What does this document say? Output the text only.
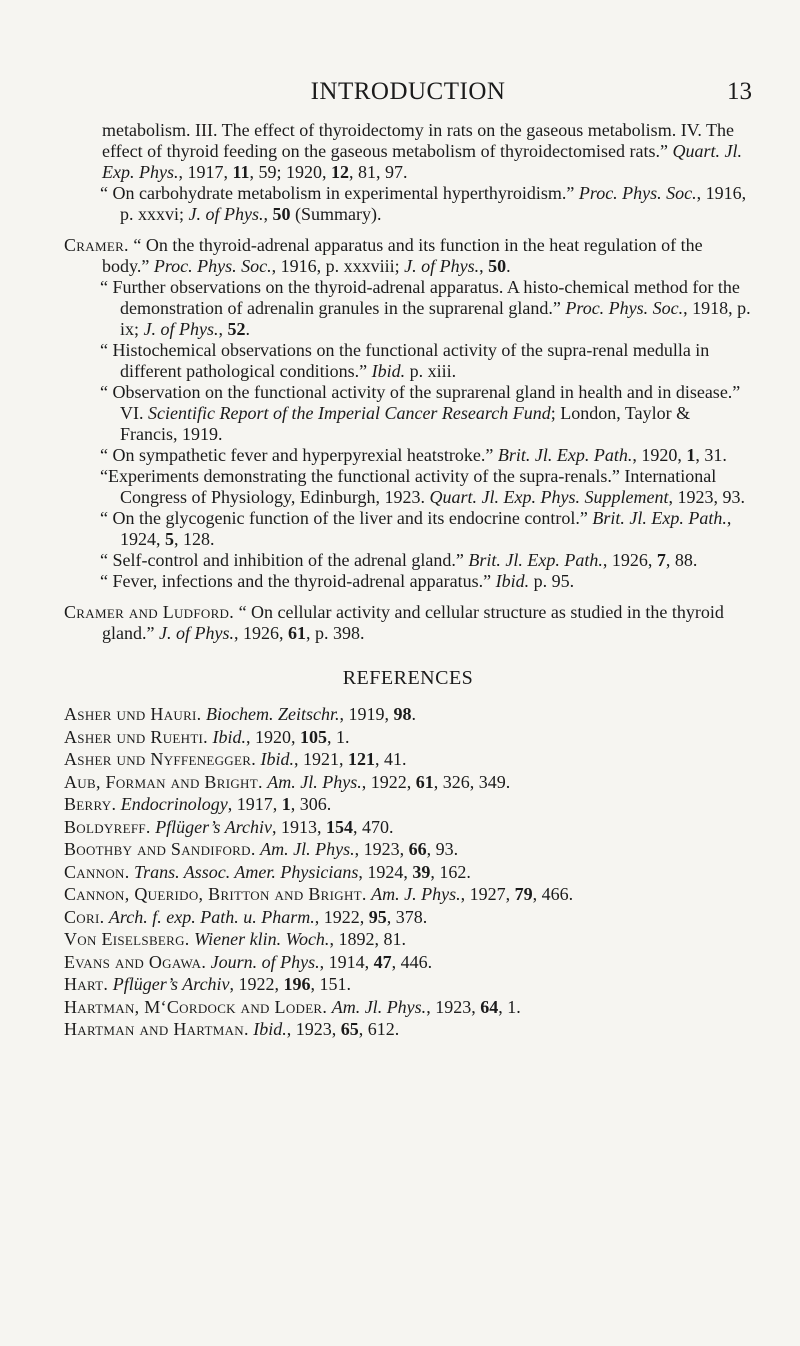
INTRODUCTION	13

metabolism. III. The effect of thyroidectomy in rats on the gaseous metabolism. IV. The effect of thyroid feeding on the gaseous metabolism of thyroidectomised rats.” Quart. Jl. Exp. Phys., 1917, 11, 59; 1920, 12, 81, 97.

“ On carbohydrate metabolism in experimental hyperthyroidism.” Proc. Phys. Soc., 1916, p. xxxvi; J. of Phys., 50 (Summary).

Cramer. “ On the thyroid-adrenal apparatus and its function in the heat regulation of the body.” Proc. Phys. Soc., 1916, p. xxxviii; J. of Phys., 50.

“ Further observations on the thyroid-adrenal apparatus. A histo-chemical method for the demonstration of adrenalin granules in the suprarenal gland.” Proc. Phys. Soc., 1918, p. ix; J. of Phys., 52.

“ Histochemical observations on the functional activity of the supra-renal medulla in different pathological conditions.” Ibid. p. xiii.

“ Observation on the functional activity of the suprarenal gland in health and in disease.” VI. Scientific Report of the Imperial Cancer Research Fund; London, Taylor & Francis, 1919.

“ On sympathetic fever and hyperpyrexial heatstroke.” Brit. Jl. Exp. Path., 1920, 1, 31.

“Experiments demonstrating the functional activity of the supra-renals.” International Congress of Physiology, Edinburgh, 1923. Quart. Jl. Exp. Phys. Supplement, 1923, 93.

“ On the glycogenic function of the liver and its endocrine control.” Brit. Jl. Exp. Path., 1924, 5, 128.

“ Self-control and inhibition of the adrenal gland.” Brit. Jl. Exp. Path., 1926, 7, 88.

“ Fever, infections and the thyroid-adrenal apparatus.” Ibid. p. 95.

Cramer and Ludford. “ On cellular activity and cellular structure as studied in the thyroid gland.” J. of Phys., 1926, 61, p. 398.

REFERENCES

Asher und Hauri. Biochem. Zeitschr., 1919, 98.

Asher und Ruehti. Ibid., 1920, 105, 1.

Asher und Nyffenegger. Ibid., 1921, 121, 41.

Aub, Forman and Bright. Am. Jl. Phys., 1922, 61, 326, 349.

Berry. Endocrinology, 1917, 1, 306.

Boldyreff. Pflüger’s Archiv, 1913, 154, 470.

Boothby and Sandiford. Am. Jl. Phys., 1923, 66, 93.

Cannon. Trans. Assoc. Amer. Physicians, 1924, 39, 162.

Cannon, Querido, Britton and Bright. Am. J. Phys., 1927, 79, 466.

Cori. Arch. f. exp. Path. u. Pharm., 1922, 95, 378.

Von Eiselsberg. Wiener klin. Woch., 1892, 81.

Evans and Ogawa. Journ. of Phys., 1914, 47, 446.

Hart. Pflüger’s Archiv, 1922, 196, 151.

Hartman, M‘Cordock and Loder. Am. Jl. Phys., 1923, 64, 1.

Hartman and Hartman. Ibid., 1923, 65, 612.
